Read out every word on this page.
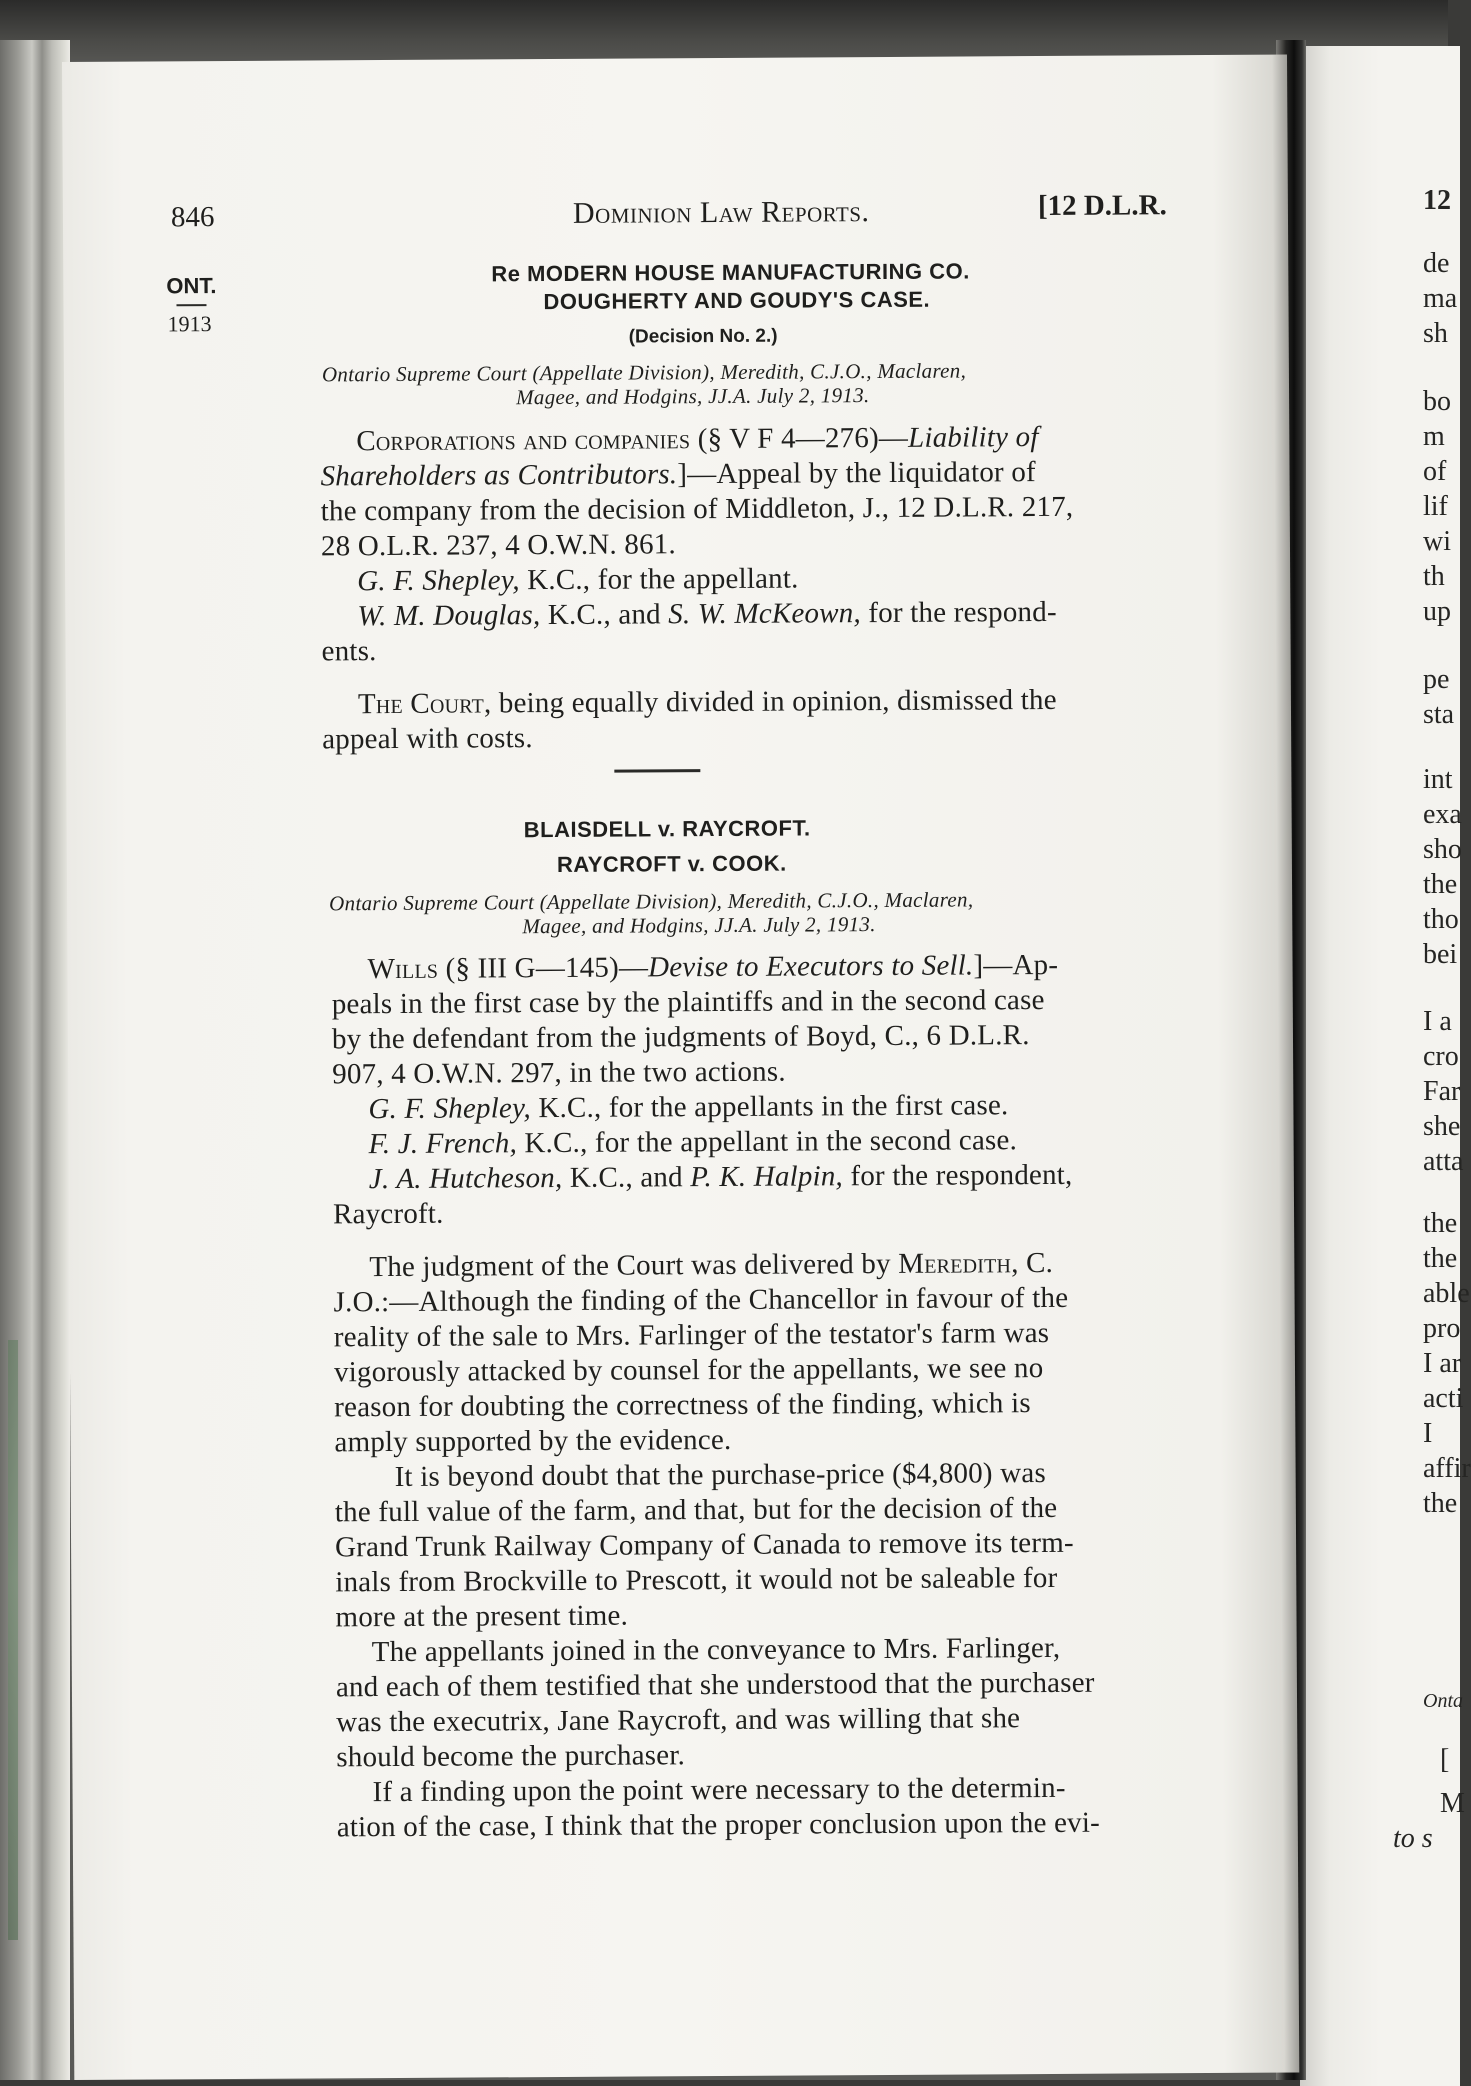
846	Dominion Law Reports.	[12 D.L.R.
ONT.
1913
Re MODERN HOUSE MANUFACTURING CO.
DOUGHERTY AND GOUDY'S CASE.
(Decision No. 2.)
Ontario Supreme Court (Appellate Division), Meredith, C.J.O., Maclaren,
Magee, and Hodgins, JJ.A. July 2, 1913.
Corporations and companies (§ V F 4—276)—Liability of
Shareholders as Contributors.]—Appeal by the liquidator of
the company from the decision of Middleton, J., 12 D.L.R. 217,
28 O.L.R. 237, 4 O.W.N. 861.
G. F. Shepley, K.C., for the appellant.
W. M. Douglas, K.C., and S. W. McKeown, for the respond-
ents.
The Court, being equally divided in opinion, dismissed the
appeal with costs.
BLAISDELL v. RAYCROFT.
RAYCROFT v. COOK.
Ontario Supreme Court (Appellate Division), Meredith, C.J.O., Maclaren,
Magee, and Hodgins, JJ.A. July 2, 1913.
Wills (§ III G—145)—Devise to Executors to Sell.]—Ap-
peals in the first case by the plaintiffs and in the second case
by the defendant from the judgments of Boyd, C., 6 D.L.R.
907, 4 O.W.N. 297, in the two actions.
G. F. Shepley, K.C., for the appellants in the first case.
F. J. French, K.C., for the appellant in the second case.
J. A. Hutcheson, K.C., and P. K. Halpin, for the respondent,
Raycroft.
The judgment of the Court was delivered by Meredith, C.
J.O.:—Although the finding of the Chancellor in favour of the
reality of the sale to Mrs. Farlinger of the testator's farm was
vigorously attacked by counsel for the appellants, we see no
reason for doubting the correctness of the finding, which is
amply supported by the evidence.
It is beyond doubt that the purchase-price ($4,800) was
the full value of the farm, and that, but for the decision of the
Grand Trunk Railway Company of Canada to remove its term-
inals from Brockville to Prescott, it would not be saleable for
more at the present time.
The appellants joined in the conveyance to Mrs. Farlinger,
and each of them testified that she understood that the purchaser
was the executrix, Jane Raycroft, and was willing that she
should become the purchaser.
If a finding upon the point were necessary to the determin-
ation of the case, I think that the proper conclusion upon the evi-
12
de
ma
sh
bo
m
of
lif
wi
th
up
pe
sta
int
exa
sho
the
tho
bei
I a
cro
Far
she
atta
the
the
able
pro
I ar
acti
I
affir
the
Onta
[
M
to s
